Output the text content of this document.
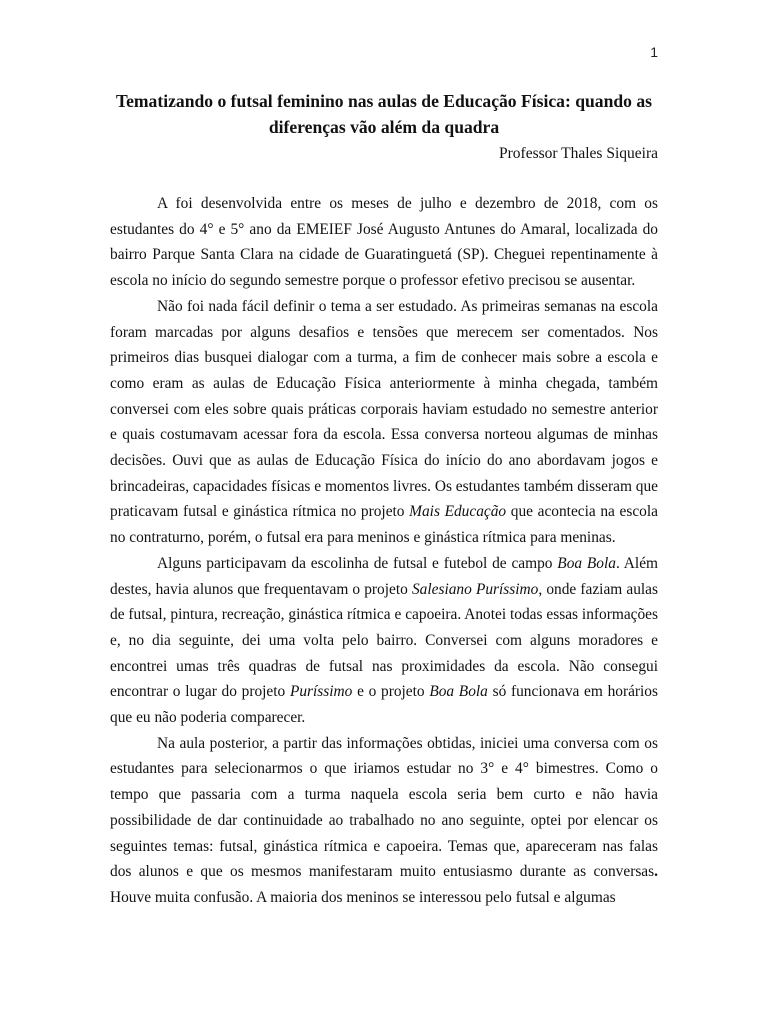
1
Tematizando o futsal feminino nas aulas de Educação Física: quando as diferenças vão além da quadra
Professor Thales Siqueira

A foi desenvolvida entre os meses de julho e dezembro de 2018, com os estudantes do 4° e 5° ano da EMEIEF José Augusto Antunes do Amaral, localizada do bairro Parque Santa Clara na cidade de Guaratinguetá (SP). Cheguei repentinamente à escola no início do segundo semestre porque o professor efetivo precisou se ausentar.

Não foi nada fácil definir o tema a ser estudado. As primeiras semanas na escola foram marcadas por alguns desafios e tensões que merecem ser comentados. Nos primeiros dias busquei dialogar com a turma, a fim de conhecer mais sobre a escola e como eram as aulas de Educação Física anteriormente à minha chegada, também conversei com eles sobre quais práticas corporais haviam estudado no semestre anterior e quais costumavam acessar fora da escola. Essa conversa norteou algumas de minhas decisões. Ouvi que as aulas de Educação Física do início do ano abordavam jogos e brincadeiras, capacidades físicas e momentos livres. Os estudantes também disseram que praticavam futsal e ginástica rítmica no projeto Mais Educação que acontecia na escola no contraturno, porém, o futsal era para meninos e ginástica rítmica para meninas.

Alguns participavam da escolinha de futsal e futebol de campo Boa Bola. Além destes, havia alunos que frequentavam o projeto Salesiano Puríssimo, onde faziam aulas de futsal, pintura, recreação, ginástica rítmica e capoeira. Anotei todas essas informações e, no dia seguinte, dei uma volta pelo bairro. Conversei com alguns moradores e encontrei umas três quadras de futsal nas proximidades da escola. Não consegui encontrar o lugar do projeto Puríssimo e o projeto Boa Bola só funcionava em horários que eu não poderia comparecer.

Na aula posterior, a partir das informações obtidas, iniciei uma conversa com os estudantes para selecionarmos o que iriamos estudar no 3° e 4° bimestres. Como o tempo que passaria com a turma naquela escola seria bem curto e não havia possibilidade de dar continuidade ao trabalhado no ano seguinte, optei por elencar os seguintes temas: futsal, ginástica rítmica e capoeira. Temas que, apareceram nas falas dos alunos e que os mesmos manifestaram muito entusiasmo durante as conversas. Houve muita confusão. A maioria dos meninos se interessou pelo futsal e algumas
